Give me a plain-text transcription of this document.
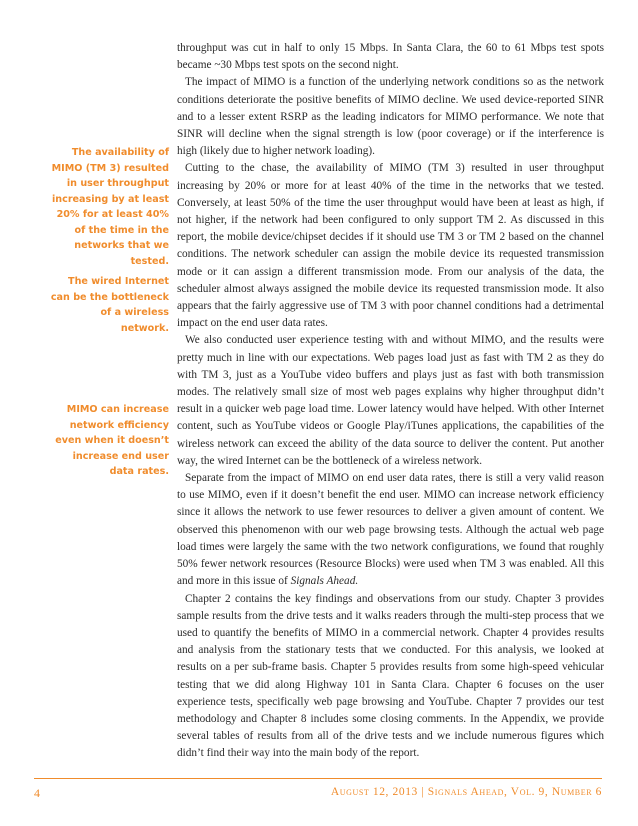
The availability of MIMO (TM 3) resulted in user throughput increasing by at least 20% for at least 40% of the time in the networks that we tested.
The wired Internet can be the bottleneck of a wireless network.
MIMO can increase network efficiency even when it doesn’t increase end user data rates.

throughput was cut in half to only 15 Mbps. In Santa Clara, the 60 to 61 Mbps test spots became ~30 Mbps test spots on the second night.

The impact of MIMO is a function of the underlying network conditions so as the network conditions deteriorate the positive benefits of MIMO decline. We used device-reported SINR and to a lesser extent RSRP as the leading indicators for MIMO performance. We note that SINR will decline when the signal strength is low (poor coverage) or if the interference is high (likely due to higher network loading).

Cutting to the chase, the availability of MIMO (TM 3) resulted in user throughput increasing by 20% or more for at least 40% of the time in the networks that we tested. Conversely, at least 50% of the time the user throughput would have been at least as high, if not higher, if the network had been configured to only support TM 2. As discussed in this report, the mobile device/chipset decides if it should use TM 3 or TM 2 based on the channel conditions. The network scheduler can assign the mobile device its requested transmission mode or it can assign a different transmission mode. From our analysis of the data, the scheduler almost always assigned the mobile device its requested transmission mode. It also appears that the fairly aggressive use of TM 3 with poor channel conditions had a detrimental impact on the end user data rates.

We also conducted user experience testing with and without MIMO, and the results were pretty much in line with our expectations. Web pages load just as fast with TM 2 as they do with TM 3, just as a YouTube video buffers and plays just as fast with both transmission modes. The relatively small size of most web pages explains why higher throughput didn’t result in a quicker web page load time. Lower latency would have helped. With other Internet content, such as YouTube videos or Google Play/iTunes applications, the capabilities of the wireless network can exceed the ability of the data source to deliver the content. Put another way, the wired Internet can be the bottleneck of a wireless network.

Separate from the impact of MIMO on end user data rates, there is still a very valid reason to use MIMO, even if it doesn’t benefit the end user. MIMO can increase network efficiency since it allows the network to use fewer resources to deliver a given amount of content. We observed this phenomenon with our web page browsing tests. Although the actual web page load times were largely the same with the two network configurations, we found that roughly 50% fewer network resources (Resource Blocks) were used when TM 3 was enabled. All this and more in this issue of Signals Ahead.

Chapter 2 contains the key findings and observations from our study. Chapter 3 provides sample results from the drive tests and it walks readers through the multi-step process that we used to quantify the benefits of MIMO in a commercial network. Chapter 4 provides results and analysis from the stationary tests that we conducted. For this analysis, we looked at results on a per sub-frame basis. Chapter 5 provides results from some high-speed vehicular testing that we did along Highway 101 in Santa Clara. Chapter 6 focuses on the user experience tests, specifically web page browsing and YouTube. Chapter 7 provides our test methodology and Chapter 8 includes some closing comments. In the Appendix, we provide several tables of results from all of the drive tests and we include numerous figures which didn’t find their way into the main body of the report.

4	August 12, 2013 | Signals Ahead, Vol. 9, Number 6
